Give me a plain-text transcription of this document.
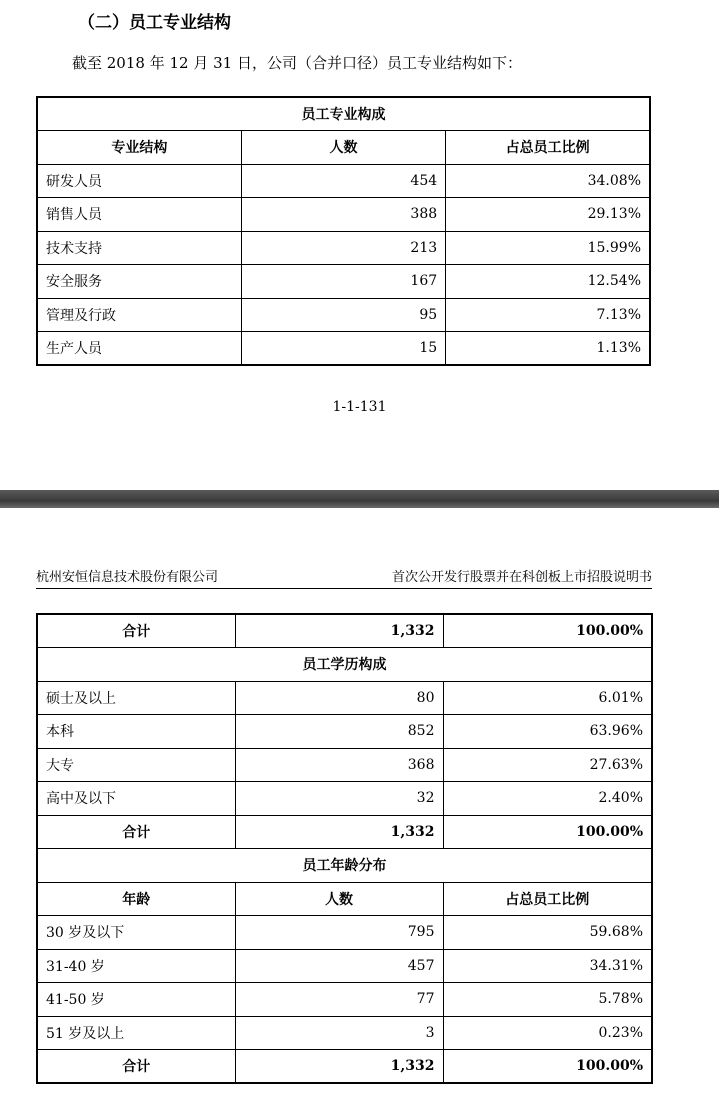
（二）员工专业结构
截至 2018 年 12 月 31 日，公司（合并口径）员工专业结构如下：
员工专业构成		
专业结构	人数	占总员工比例
研发人员	454	34.08%
销售人员	388	29.13%
技术支持	213	15.99%
安全服务	167	12.54%
管理及行政	95	7.13%
生产人员	15	1.13%
1-1-131
杭州安恒信息技术股份有限公司	首次公开发行股票并在科创板上市招股说明书
合计	1,332	100.00%
员工学历构成		
硕士及以上	80	6.01%
本科	852	63.96%
大专	368	27.63%
高中及以下	32	2.40%
合计	1,332	100.00%
员工年龄分布		
年龄	人数	占总员工比例
30 岁及以下	795	59.68%
31-40 岁	457	34.31%
41-50 岁	77	5.78%
51 岁及以上	3	0.23%
合计	1,332	100.00%
